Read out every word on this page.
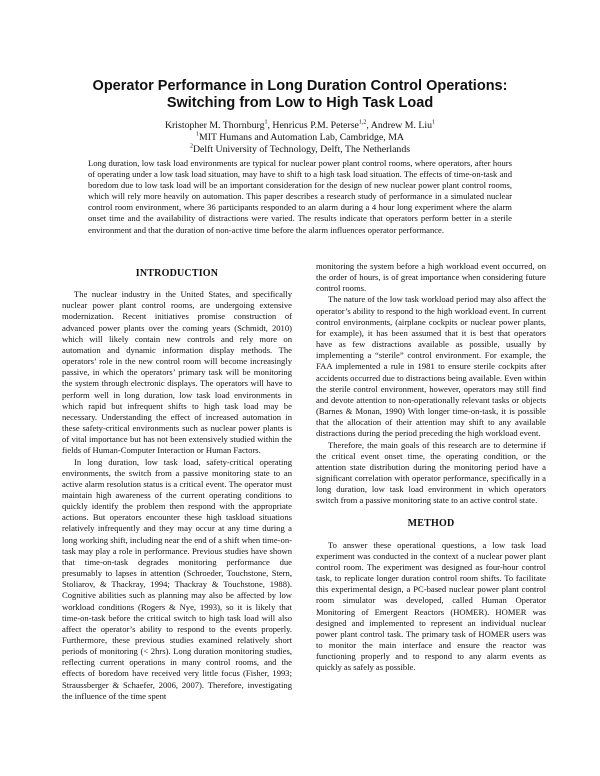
Operator Performance in Long Duration Control Operations:
Switching from Low to High Task Load
Kristopher M. Thornburg$^1$, Henricus P.M. Peterse$^{1,2}$, Andrew M. Liu$^1$
$^1$MIT Humans and Automation Lab, Cambridge, MA
$^2$Delft University of Technology, Delft, The Netherlands
Long duration, low task load environments are typical for nuclear power plant control rooms, where operators, after hours of operating under a low task load situation, may have to shift to a high task load situation. The effects of time-on-task and boredom due to low task load will be an important consideration for the design of new nuclear power plant control rooms, which will rely more heavily on automation. This paper describes a research study of performance in a simulated nuclear control room environment, where 36 participants responded to an alarm during a 4 hour long experiment where the alarm onset time and the availability of distractions were varied. The results indicate that operators perform better in a sterile environment and that the duration of non-active time before the alarm influences operator performance.
INTRODUCTION

The nuclear industry in the United States, and specifically nuclear power plant control rooms, are undergoing extensive modernization. Recent initiatives promise construction of advanced power plants over the coming years (Schmidt, 2010) which will likely contain new controls and rely more on automation and dynamic information display methods. The operators’ role in the new control room will become increasingly passive, in which the operators’ primary task will be monitoring the system through electronic displays. The operators will have to perform well in long duration, low task load environments in which rapid but infrequent shifts to high task load may be necessary. Understanding the effect of increased automation in these safety-critical environments such as nuclear power plants is of vital importance but has not been extensively studied within the fields of Human-Computer Interaction or Human Factors.

In long duration, low task load, safety-critical operating environments, the switch from a passive monitoring state to an active alarm resolution status is a critical event. The operator must maintain high awareness of the current operating conditions to quickly identify the problem then respond with the appropriate actions. But operators encounter these high taskload situations relatively infrequently and they may occur at any time during a long working shift, including near the end of a shift when time-on-task may play a role in performance. Previous studies have shown that time-on-task degrades monitoring performance due presumably to lapses in attention (Schroeder, Touchstone, Stern, Stoliarov, & Thackray, 1994; Thackray & Touchstone, 1988). Cognitive abilities such as planning may also be affected by low workload conditions (Rogers & Nye, 1993), so it is likely that time-on-task before the critical switch to high task load will also affect the operator’s ability to respond to the events properly. Furthermore, these previous studies examined relatively short periods of monitoring (< 2hrs). Long duration monitoring studies, reflecting current operations in many control rooms, and the effects of boredom have received very little focus (Fisher, 1993; Straussberger & Schaefer, 2006, 2007). Therefore, investigating the influence of the time spent

monitoring the system before a high workload event occurred, on the order of hours, is of great importance when considering future control rooms.

The nature of the low task workload period may also affect the operator’s ability to respond to the high workload event. In current control environments, (airplane cockpits or nuclear power plants, for example), it has been assumed that it is best that operators have as few distractions available as possible, usually by implementing a “sterile” control environment. For example, the FAA implemented a rule in 1981 to ensure sterile cockpits after accidents occurred due to distractions being available. Even within the sterile control environment, however, operators may still find and devote attention to non-operationally relevant tasks or objects (Barnes & Monan, 1990) With longer time-on-task, it is possible that the allocation of their attention may shift to any available distractions during the period preceding the high workload event.

Therefore, the main goals of this research are to determine if the critical event onset time, the operating condition, or the attention state distribution during the monitoring period have a significant correlation with operator performance, specifically in a long duration, low task load environment in which operators switch from a passive monitoring state to an active control state.

METHOD

To answer these operational questions, a low task load experiment was conducted in the context of a nuclear power plant control room. The experiment was designed as four-hour control task, to replicate longer duration control room shifts. To facilitate this experimental design, a PC-based nuclear power plant control room simulator was developed, called Human Operator Monitoring of Emergent Reactors (HOMER). HOMER was designed and implemented to represent an individual nuclear power plant control task. The primary task of HOMER users was to monitor the main interface and ensure the reactor was functioning properly and to respond to any alarm events as quickly as safely as possible.
